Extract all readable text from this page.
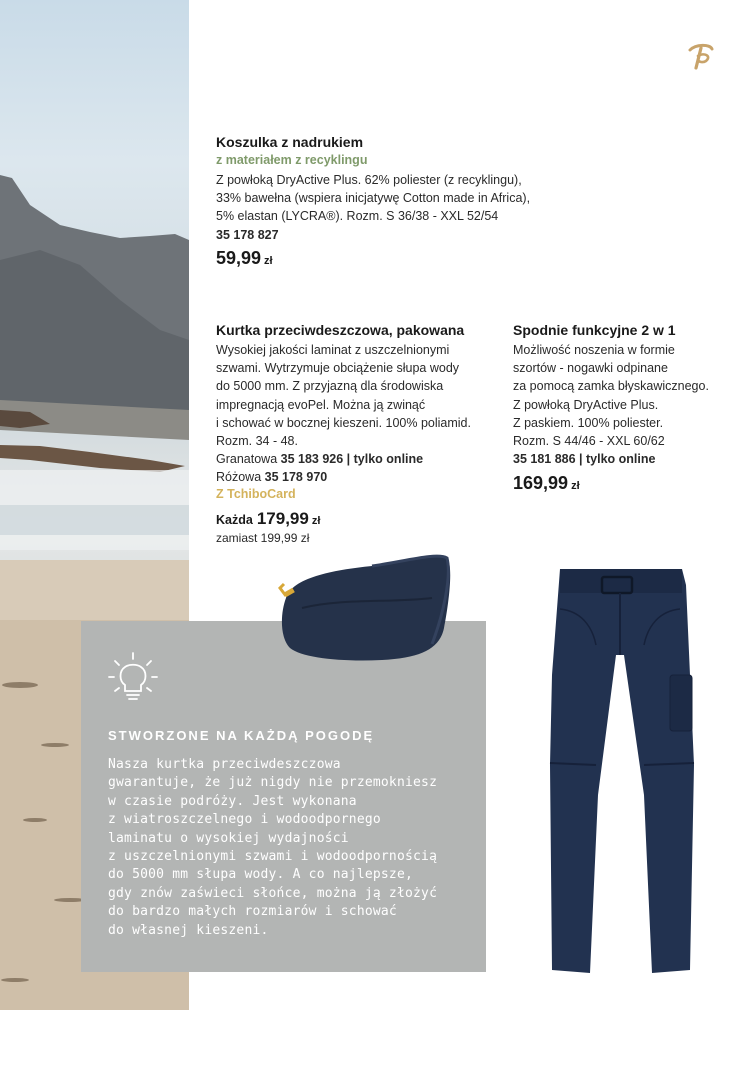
Koszulka z nadrukiem
z materiałem z recyklingu
Z powłoką DryActive Plus. 62% poliester (z recyklingu),
33% bawełna (wspiera inicjatywę Cotton made in Africa),
5% elastan (LYCRA®). Rozm. S 36/38 - XXL 52/54
35 178 827
59,99 zł
Kurtka przeciwdeszczowa, pakowana
Wysokiej jakości laminat z uszczelnionymi
szwami. Wytrzymuje obciążenie słupa wody
do 5000 mm. Z przyjazną dla środowiska
impregnacją evoPel. Można ją zwinąć
i schować w bocznej kieszeni. 100% poliamid.
Rozm. 34 - 48.
Granatowa 35 183 926 | tylko online
Różowa 35 178 970
Z TchiboCard
Każda 179,99 zł
zamiast 199,99 zł
Spodnie funkcyjne 2 w 1
Możliwość noszenia w formie
szortów - nogawki odpinane
za pomocą zamka błyskawicznego.
Z powłoką DryActive Plus.
Z paskiem. 100% poliester.
Rozm. S 44/46 - XXL 60/62
35 181 886 | tylko online
169,99 zł
STWORZONE NA KAŻDĄ POGODĘ
Nasza kurtka przeciwdeszczowa
gwarantuje, że już nigdy nie przemokniesz
w czasie podróży. Jest wykonana
z wiatroszczelnego i wodoodpornego
laminatu o wysokiej wydajności
z uszczelnionymi szwami i wodoodpornością
do 5000 mm słupa wody. A co najlepsze,
gdy znów zaświeci słońce, można ją złożyć
do bardzo małych rozmiarów i schować
do własnej kieszeni.
